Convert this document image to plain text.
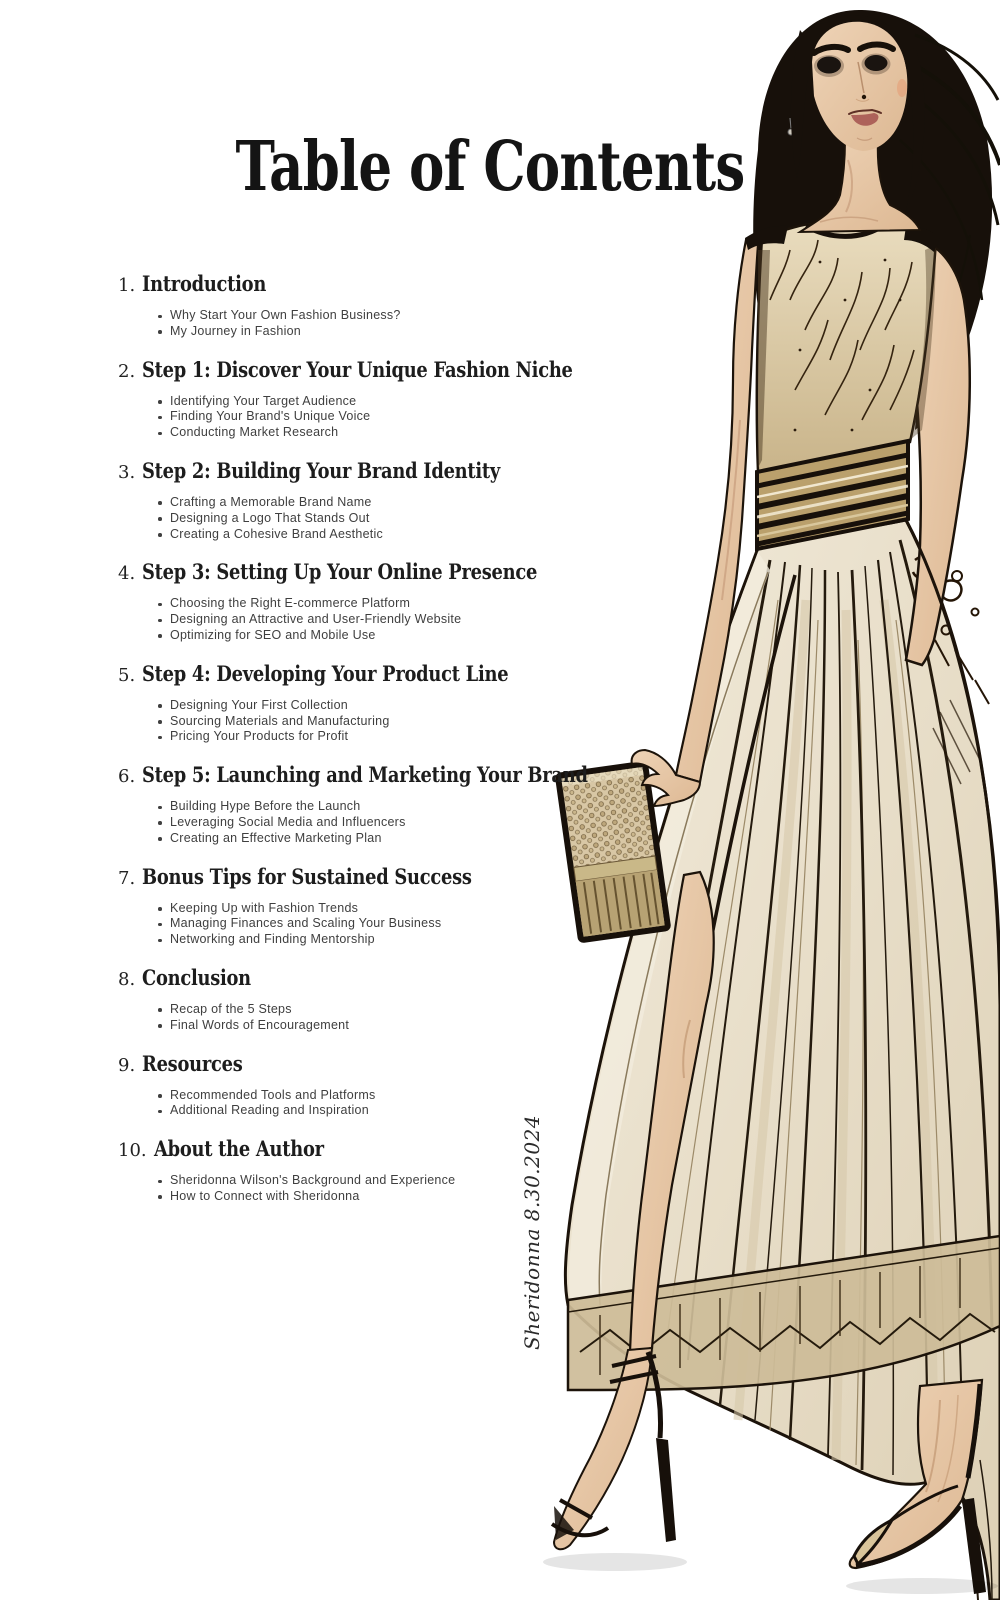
Table of Contents
1. Introduction
Why Start Your Own Fashion Business?
My Journey in Fashion
2. Step 1: Discover Your Unique Fashion Niche
Identifying Your Target Audience
Finding Your Brand's Unique Voice
Conducting Market Research
3. Step 2: Building Your Brand Identity
Crafting a Memorable Brand Name
Designing a Logo That Stands Out
Creating a Cohesive Brand Aesthetic
4. Step 3: Setting Up Your Online Presence
Choosing the Right E-commerce Platform
Designing an Attractive and User-Friendly Website
Optimizing for SEO and Mobile Use
5. Step 4: Developing Your Product Line
Designing Your First Collection
Sourcing Materials and Manufacturing
Pricing Your Products for Profit
6. Step 5: Launching and Marketing Your Brand
Building Hype Before the Launch
Leveraging Social Media and Influencers
Creating an Effective Marketing Plan
7. Bonus Tips for Sustained Success
Keeping Up with Fashion Trends
Managing Finances and Scaling Your Business
Networking and Finding Mentorship
8. Conclusion
Recap of the 5 Steps
Final Words of Encouragement
9. Resources
Recommended Tools and Platforms
Additional Reading and Inspiration
10. About the Author
Sheridonna Wilson's Background and Experience
How to Connect with Sheridonna	Sheridonna 8.30.2024
